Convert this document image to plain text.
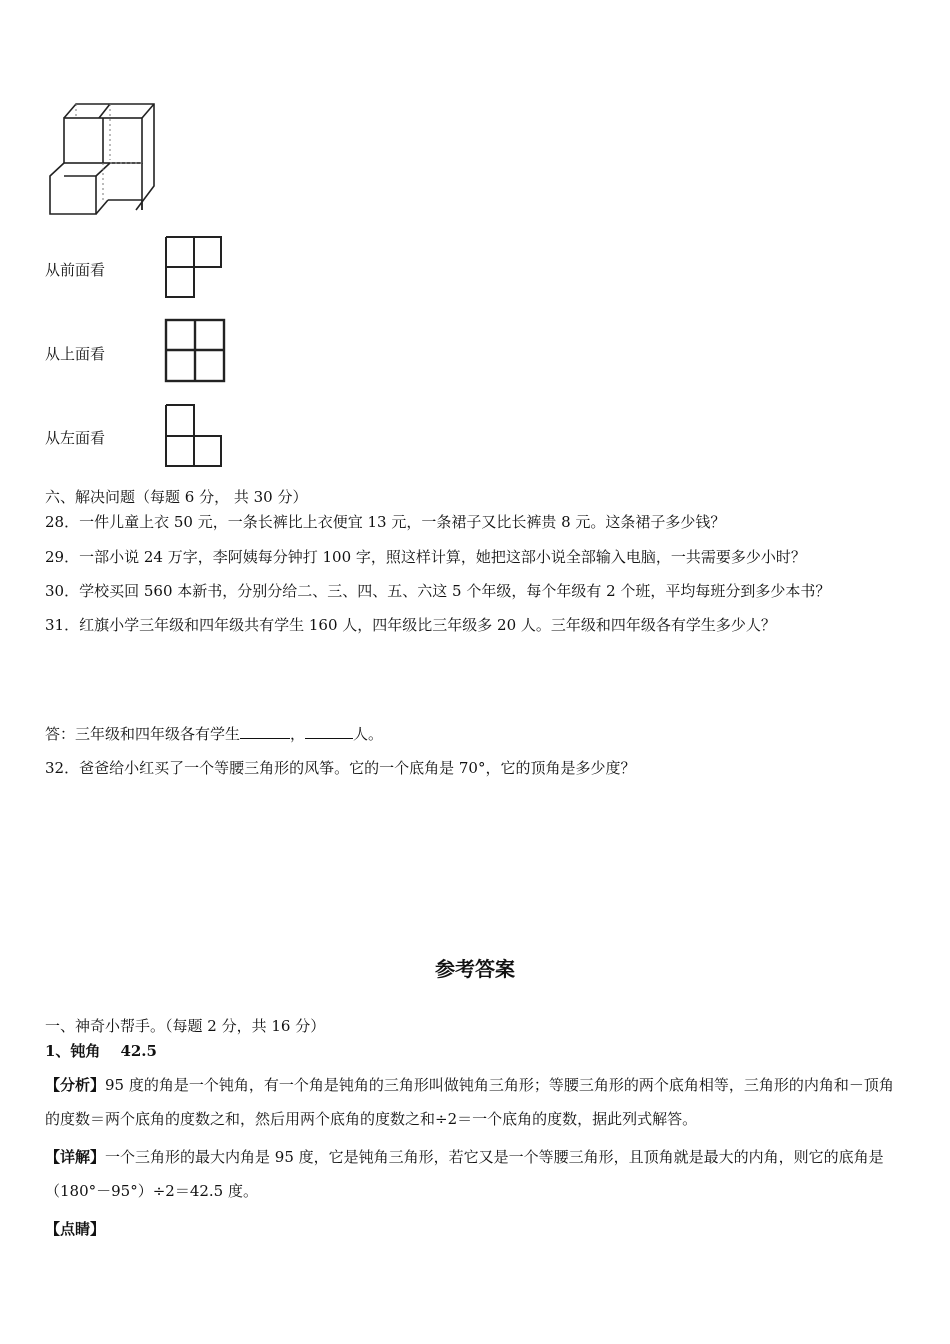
从前面看
从上面看
从左面看
六、解决问题（每题 6 分， 共 30 分）
28．一件儿童上衣 50 元，一条长裤比上衣便宜 13 元，一条裙子又比长裤贵 8 元。这条裙子多少钱？
29．一部小说 24 万字，李阿姨每分钟打 100 字，照这样计算，她把这部小说全部输入电脑，一共需要多少小时？
30．学校买回 560 本新书，分别分给二、三、四、五、六这 5 个年级，每个年级有 2 个班，平均每班分到多少本书？
31．红旗小学三年级和四年级共有学生 160 人，四年级比三年级多 20 人。三年级和四年级各有学生多少人？
答：三年级和四年级各有学生	，	人。
32．爸爸给小红买了一个等腰三角形的风筝。它的一个底角是 70°，它的顶角是多少度？
参考答案
一、神奇小帮手。（每题 2 分，共 16 分）
1、钝角 42.5
【分析】95 度的角是一个钝角，有一个角是钝角的三角形叫做钝角三角形；等腰三角形的两个底角相等，三角形的内角和－顶角的度数＝两个底角的度数之和，然后用两个底角的度数之和÷2＝一个底角的度数，据此列式解答。
【详解】一个三角形的最大内角是 95 度，它是钝角三角形，若它又是一个等腰三角形，且顶角就是最大的内角，则它的底角是（180°－95°）÷2＝42.5 度。
【点睛】
